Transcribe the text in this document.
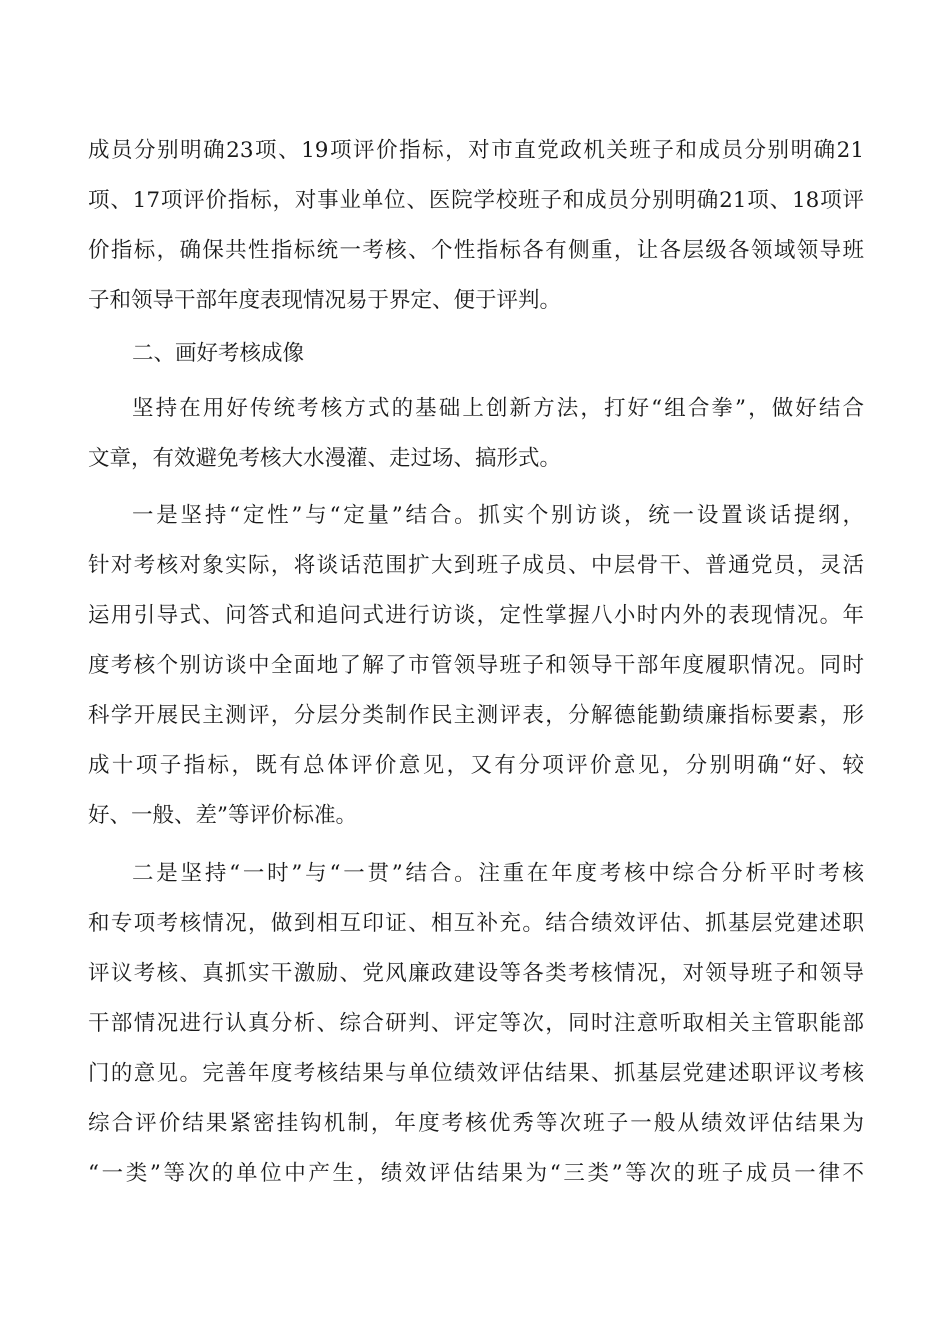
成员分别明确23项、19项评价指标，对市直党政机关班子和成员分别明确21
项、17项评价指标，对事业单位、医院学校班子和成员分别明确21项、18项评
价指标，确保共性指标统一考核、个性指标各有侧重，让各层级各领域领导班
子和领导干部年度表现情况易于界定、便于评判。
二、画好考核成像
坚持在用好传统考核方式的基础上创新方法，打好“组合拳”，做好结合
文章，有效避免考核大水漫灌、走过场、搞形式。
一是坚持“定性”与“定量”结合。抓实个别访谈，统一设置谈话提纲，
针对考核对象实际，将谈话范围扩大到班子成员、中层骨干、普通党员，灵活
运用引导式、问答式和追问式进行访谈，定性掌握八小时内外的表现情况。年
度考核个别访谈中全面地了解了市管领导班子和领导干部年度履职情况。同时
科学开展民主测评，分层分类制作民主测评表，分解德能勤绩廉指标要素，形
成十项子指标，既有总体评价意见，又有分项评价意见，分别明确“好、较
好、一般、差”等评价标准。
二是坚持“一时”与“一贯”结合。注重在年度考核中综合分析平时考核
和专项考核情况，做到相互印证、相互补充。结合绩效评估、抓基层党建述职
评议考核、真抓实干激励、党风廉政建设等各类考核情况，对领导班子和领导
干部情况进行认真分析、综合研判、评定等次，同时注意听取相关主管职能部
门的意见。完善年度考核结果与单位绩效评估结果、抓基层党建述职评议考核
综合评价结果紧密挂钩机制，年度考核优秀等次班子一般从绩效评估结果为
“一类”等次的单位中产生，绩效评估结果为“三类”等次的班子成员一律不
